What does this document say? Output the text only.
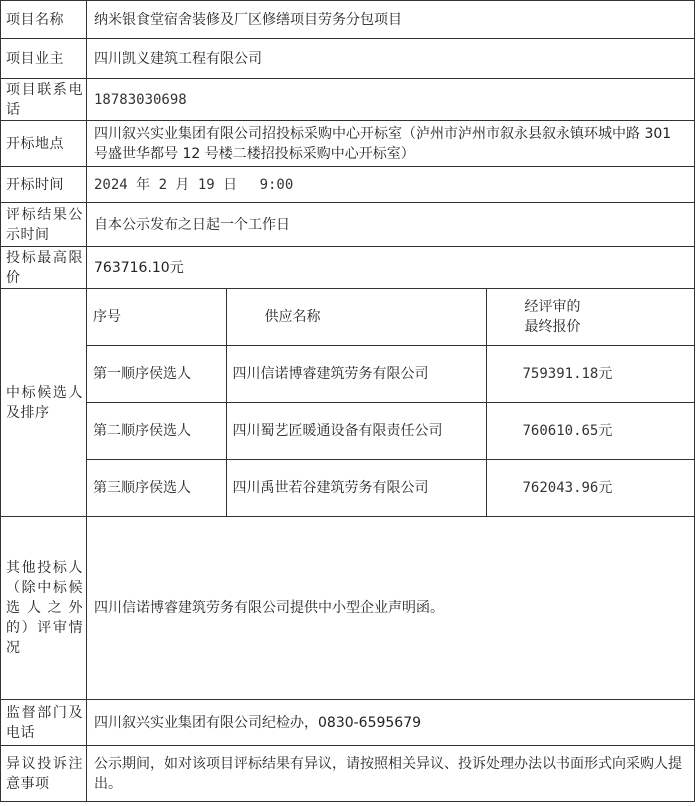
项目名称	纳米银食堂宿舍装修及厂区修缮项目劳务分包项目
项目业主	四川凯义建筑工程有限公司
项目联系电话	18783030698
开标地点	四川叙兴实业集团有限公司招投标采购中心开标室（泸州市泸州市叙永县叙永镇环城中路 301 号盛世华都号 12 号楼二楼招投标采购中心开标室）
开标时间	2024 年 2 月 19 日　 9:00
评标结果公示时间	自本公示发布之日起一个工作日
投标最高限价	763716.10元
中标候选人及排序	
序号	供应名称	经评审的
最终报价
第一顺序侯选人	四川信诺博睿建筑劳务有限公司	759391.18元
第二顺序侯选人	四川蜀艺匠暖通设备有限责任公司	760610.65元
第三顺序侯选人	四川禹世若谷建筑劳务有限公司	762043.96元

其他投标人（除中标候选人之外的）评审情况	四川信诺博睿建筑劳务有限公司提供中小型企业声明函。
监督部门及电话	四川叙兴实业集团有限公司纪检办，0830-6595679
异议投诉注意事项	公示期间，如对该项目评标结果有异议，请按照相关异议、投诉处理办法以书面形式向采购人提出。
